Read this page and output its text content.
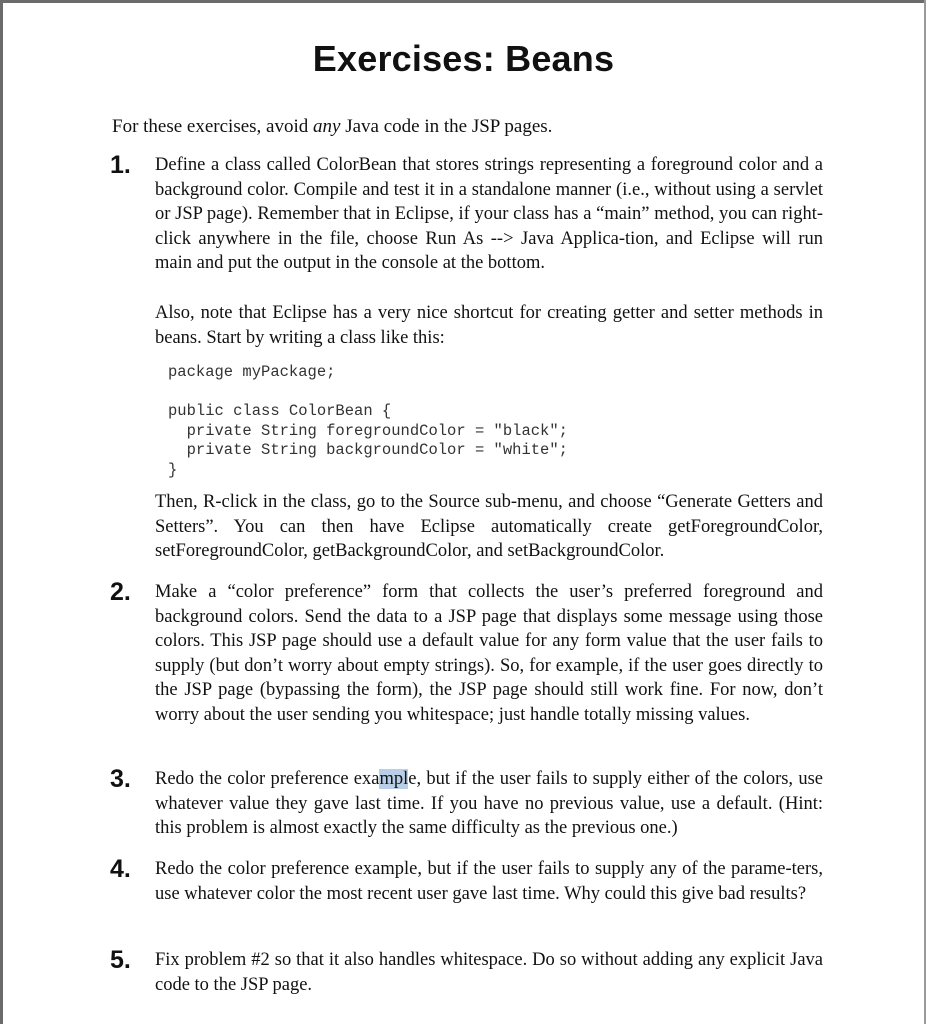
Exercises: Beans

For these exercises, avoid any Java code in the JSP pages.

1. Define a class called ColorBean that stores strings representing a foreground color and a background color. Compile and test it in a standalone manner (i.e., without using a servlet or JSP page). Remember that in Eclipse, if your class has a “main” method, you can right-click anywhere in the file, choose Run As --> Java Applica-tion, and Eclipse will run main and put the output in the console at the bottom.

Also, note that Eclipse has a very nice shortcut for creating getter and setter methods in beans. Start by writing a class like this:

package myPackage;

public class ColorBean {
private String foregroundColor = "black";
private String backgroundColor = "white";
}

Then, R-click in the class, go to the Source sub-menu, and choose “Generate Getters and Setters”. You can then have Eclipse automatically create getForegroundColor, setForegroundColor, getBackgroundColor, and setBackgroundColor.

2. Make a “color preference” form that collects the user’s preferred foreground and background colors. Send the data to a JSP page that displays some message using those colors. This JSP page should use a default value for any form value that the user fails to supply (but don’t worry about empty strings). So, for example, if the user goes directly to the JSP page (bypassing the form), the JSP page should still work fine. For now, don’t worry about the user sending you whitespace; just handle totally missing values.

3. Redo the color preference example, but if the user fails to supply either of the colors, use whatever value they gave last time. If you have no previous value, use a default. (Hint: this problem is almost exactly the same difficulty as the previous one.)

4. Redo the color preference example, but if the user fails to supply any of the parame-ters, use whatever color the most recent user gave last time. Why could this give bad results?

5. Fix problem #2 so that it also handles whitespace. Do so without adding any explicit Java code to the JSP page.
